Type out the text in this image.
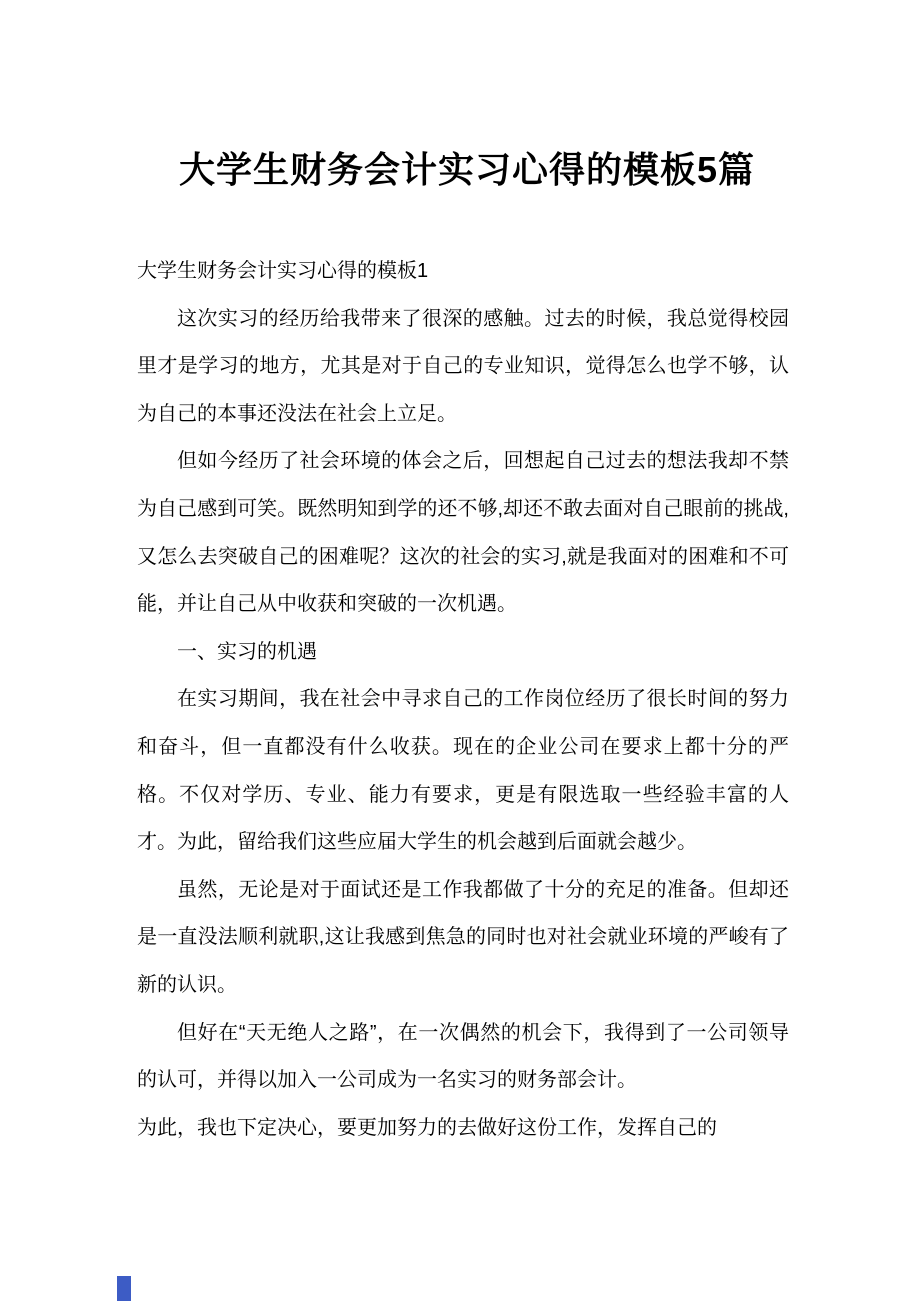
大学生财务会计实习心得的模板5篇

大学生财务会计实习心得的模板1

这次实习的经历给我带来了很深的感触。过去的时候，我总觉得校园里才是学习的地方，尤其是对于自己的专业知识，觉得怎么也学不够，认为自己的本事还没法在社会上立足。

但如今经历了社会环境的体会之后，回想起自己过去的想法我却不禁为自己感到可笑。既然明知到学的还不够,却还不敢去面对自己眼前的挑战,又怎么去突破自己的困难呢？这次的社会的实习,就是我面对的困难和不可能，并让自己从中收获和突破的一次机遇。

一、实习的机遇

在实习期间，我在社会中寻求自己的工作岗位经历了很长时间的努力和奋斗，但一直都没有什么收获。现在的企业公司在要求上都十分的严格。不仅对学历、专业、能力有要求，更是有限选取一些经验丰富的人才。为此，留给我们这些应届大学生的机会越到后面就会越少。

虽然，无论是对于面试还是工作我都做了十分的充足的准备。但却还是一直没法顺利就职,这让我感到焦急的同时也对社会就业环境的严峻有了新的认识。

但好在“天无绝人之路”，在一次偶然的机会下，我得到了一公司领导的认可，并得以加入一公司成为一名实习的财务部会计。

为此，我也下定决心，要更加努力的去做好这份工作，发挥自己的
